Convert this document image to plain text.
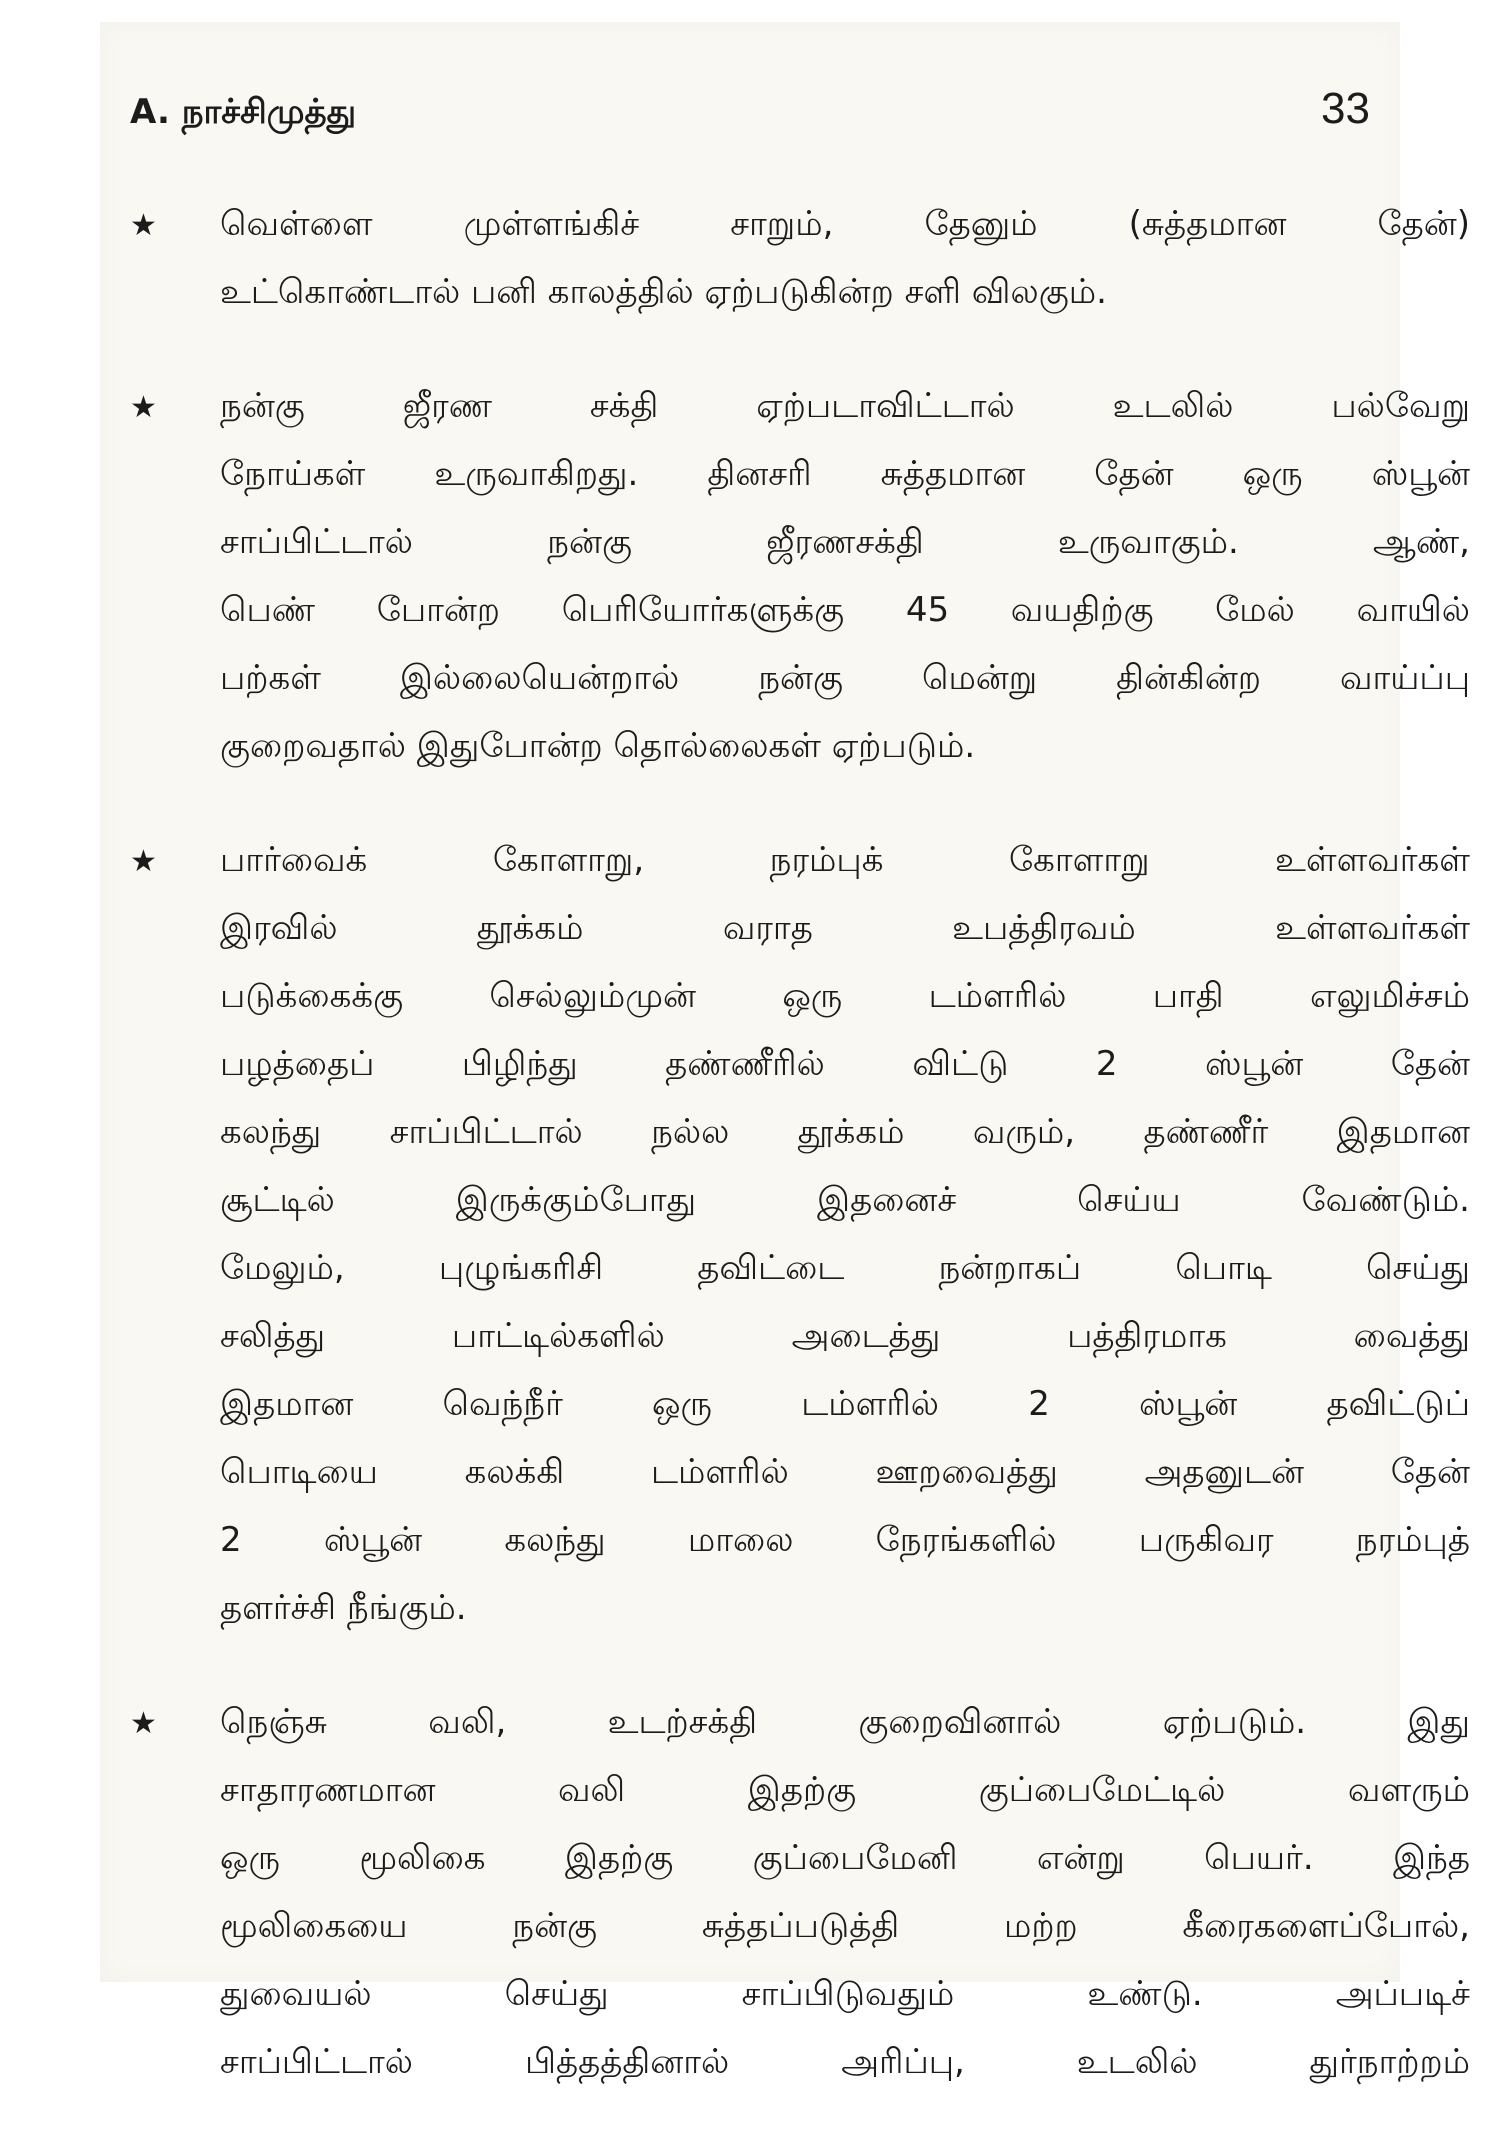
A. நாச்சிமுத்து	33
★ வெள்ளை முள்ளங்கிச் சாறும், தேனும் (சுத்தமான தேன்)
உட்கொண்டால் பனி காலத்தில் ஏற்படுகின்ற சளி விலகும்.
★ நன்கு ஜீரண சக்தி ஏற்படாவிட்டால் உடலில் பல்வேறு
நோய்கள் உருவாகிறது. தினசரி சுத்தமான தேன் ஒரு ஸ்பூன்
சாப்பிட்டால் நன்கு ஜீரணசக்தி உருவாகும். ஆண்,
பெண் போன்ற பெரியோர்களுக்கு 45 வயதிற்கு மேல் வாயில்
பற்கள் இல்லையென்றால் நன்கு மென்று தின்கின்ற வாய்ப்பு
குறைவதால் இதுபோன்ற தொல்லைகள் ஏற்படும்.
★ பார்வைக் கோளாறு, நரம்புக் கோளாறு உள்ளவர்கள்
இரவில் தூக்கம் வராத உபத்திரவம் உள்ளவர்கள்
படுக்கைக்கு செல்லும்முன் ஒரு டம்ளரில் பாதி எலுமிச்சம்
பழத்தைப் பிழிந்து தண்ணீரில் விட்டு 2 ஸ்பூன் தேன்
கலந்து சாப்பிட்டால் நல்ல தூக்கம் வரும், தண்ணீர் இதமான
சூட்டில் இருக்கும்போது இதனைச் செய்ய வேண்டும்.
மேலும், புழுங்கரிசி தவிட்டை நன்றாகப் பொடி செய்து
சலித்து பாட்டில்களில் அடைத்து பத்திரமாக வைத்து
இதமான வெந்நீர் ஒரு டம்ளரில் 2 ஸ்பூன் தவிட்டுப்
பொடியை கலக்கி டம்ளரில் ஊறவைத்து அதனுடன் தேன்
2 ஸ்பூன் கலந்து மாலை நேரங்களில் பருகிவர நரம்புத்
தளர்ச்சி நீங்கும்.
★ நெஞ்சு வலி, உடற்சக்தி குறைவினால் ஏற்படும். இது
சாதாரணமான வலி இதற்கு குப்பைமேட்டில் வளரும்
ஒரு மூலிகை இதற்கு குப்பைமேனி என்று பெயர். இந்த
மூலிகையை நன்கு சுத்தப்படுத்தி மற்ற கீரைகளைப்போல்,
துவையல் செய்து சாப்பிடுவதும் உண்டு. அப்படிச்
சாப்பிட்டால் பித்தத்தினால் அரிப்பு, உடலில் துர்நாற்றம்
